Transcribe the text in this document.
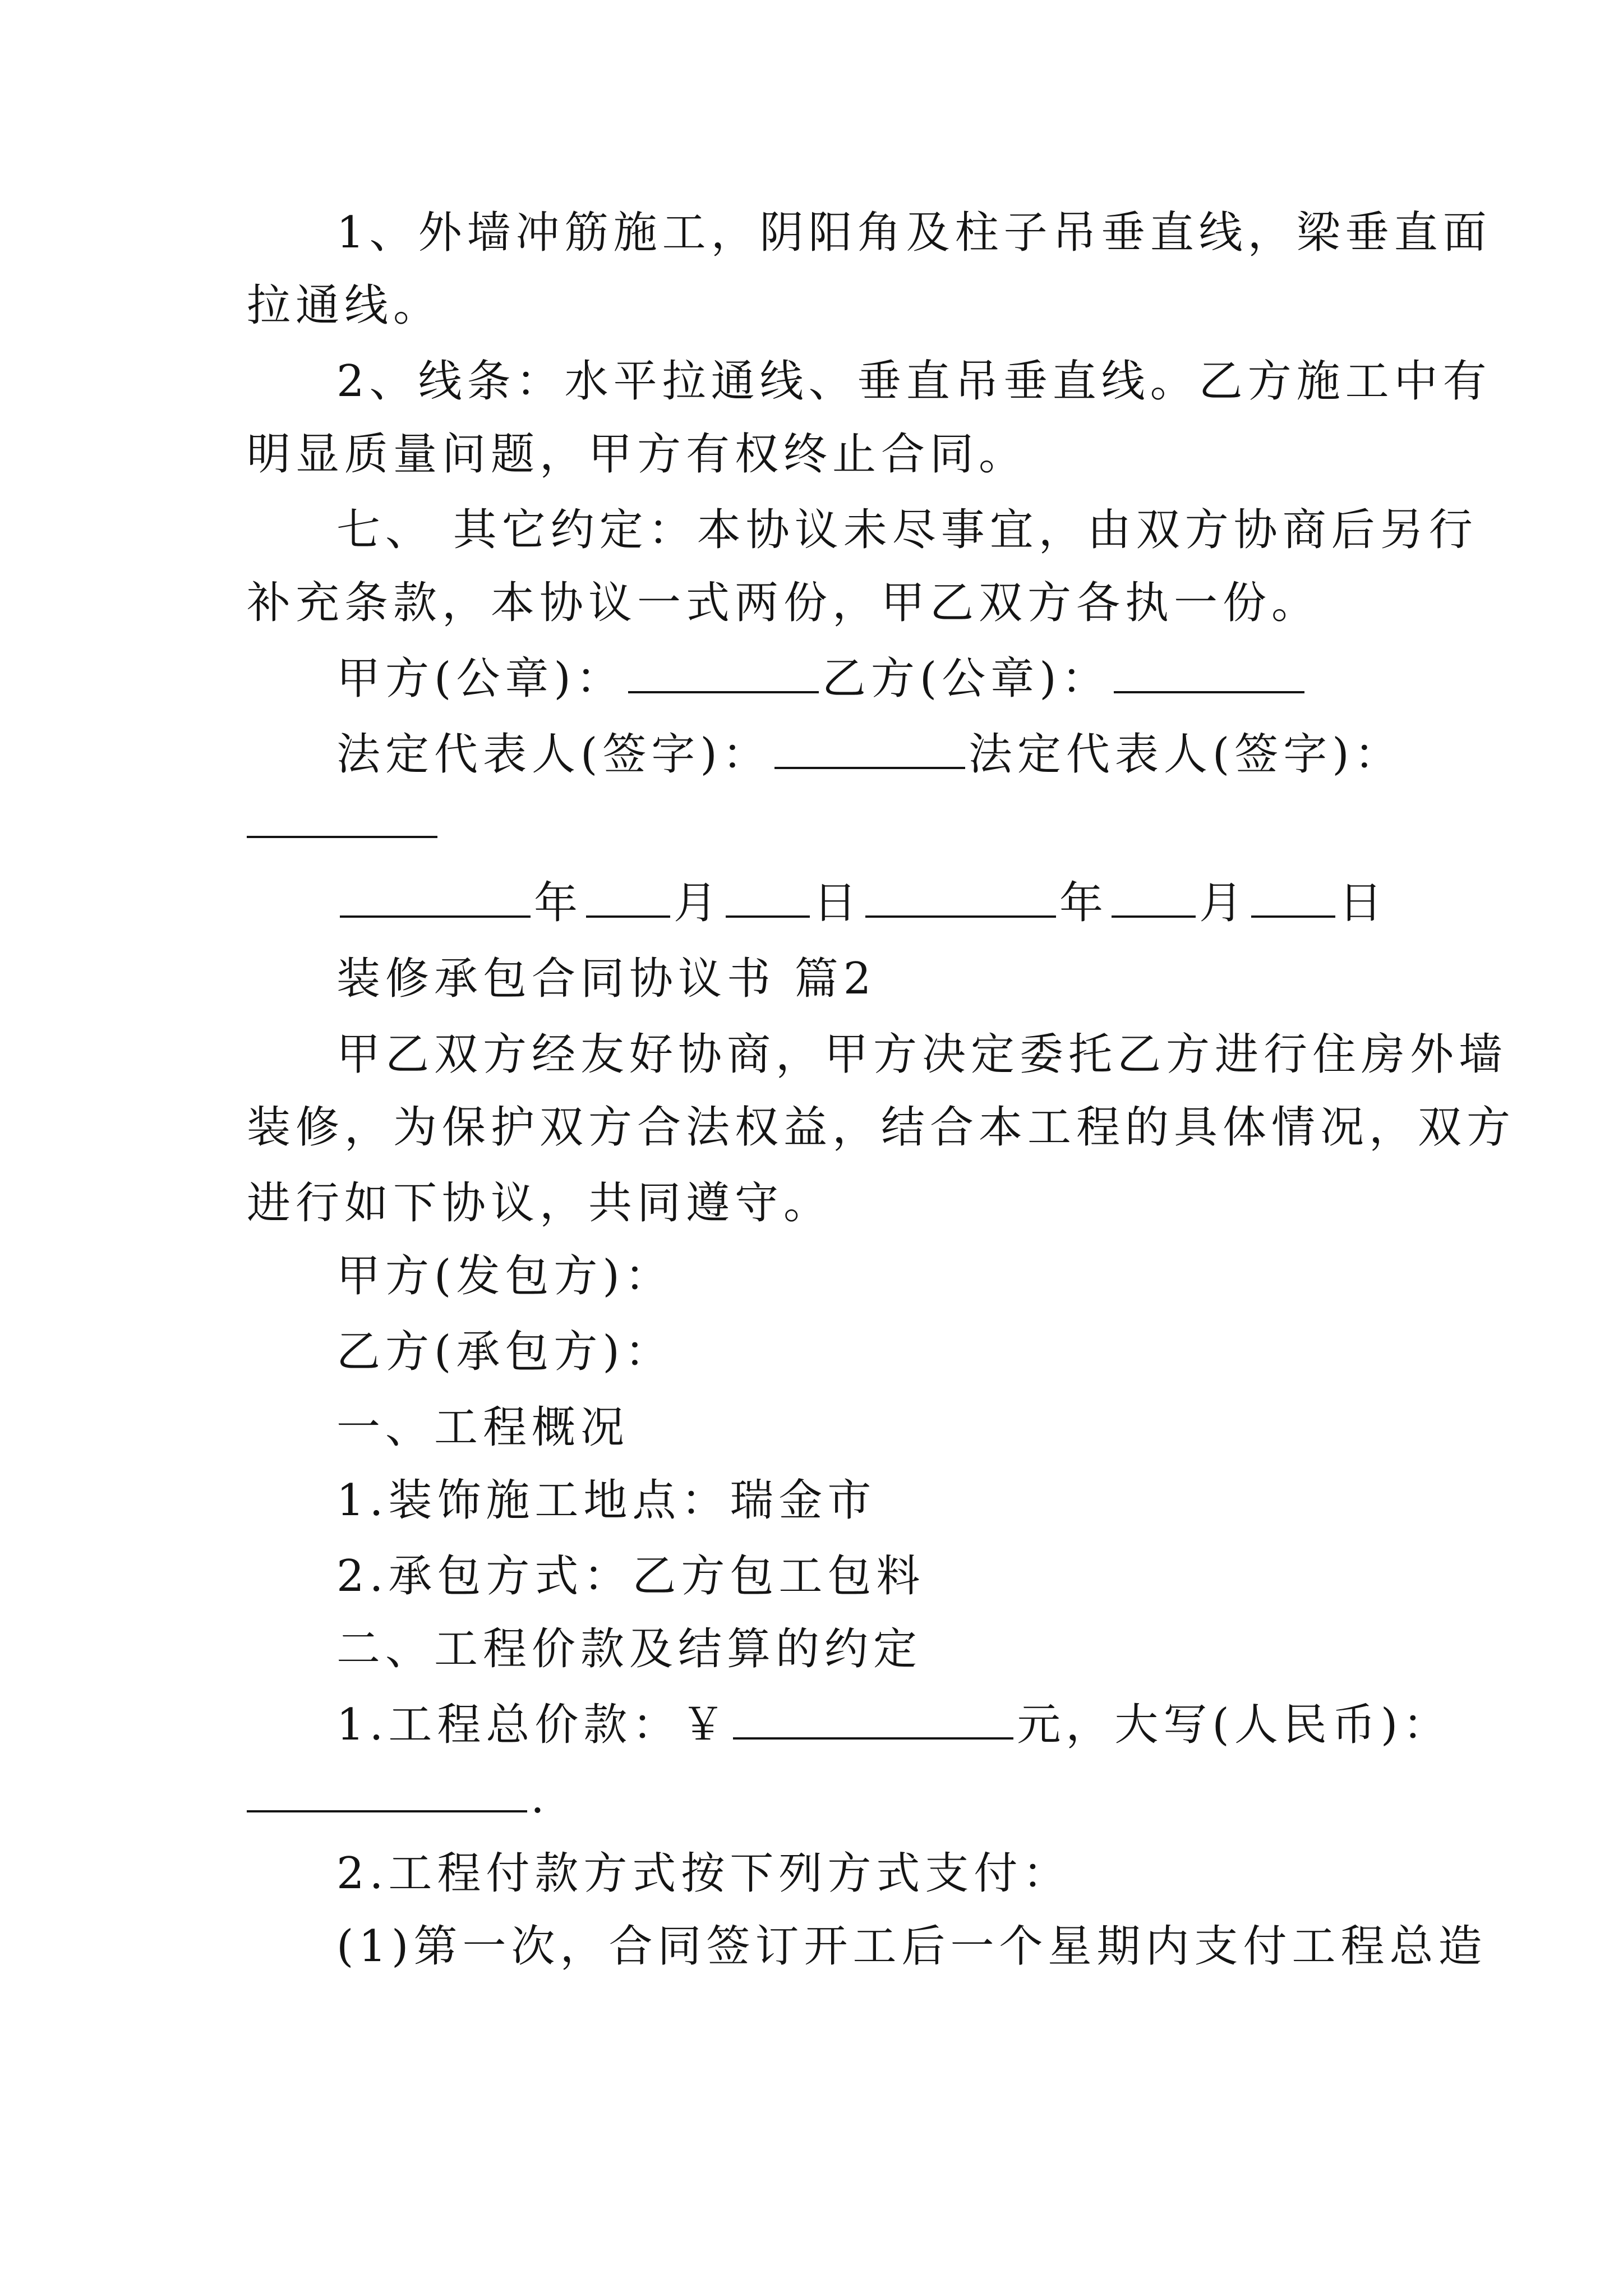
1、外墙冲筋施工，阴阳角及柱子吊垂直线，梁垂直面
拉通线。
2、线条：水平拉通线、垂直吊垂直线。乙方施工中有
明显质量问题，甲方有权终止合同。
七、 其它约定：本协议未尽事宜，由双方协商后另行
补充条款，本协议一式两份，甲乙双方各执一份。
甲方(公章)：	乙方(公章)：
法定代表人(签字)：	法定代表人(签字)：
年 月 日	年 月 日
装修承包合同协议书 篇2
甲乙双方经友好协商，甲方决定委托乙方进行住房外墙
装修，为保护双方合法权益，结合本工程的具体情况，双方
进行如下协议，共同遵守。
甲方(发包方)：
乙方(承包方)：
一、工程概况
1.装饰施工地点：瑞金市
2.承包方式：乙方包工包料
二、工程价款及结算的约定
1.工程总价款：￥	元，大写(人民币)：
.
2.工程付款方式按下列方式支付：
(1)第一次，合同签订开工后一个星期内支付工程总造
